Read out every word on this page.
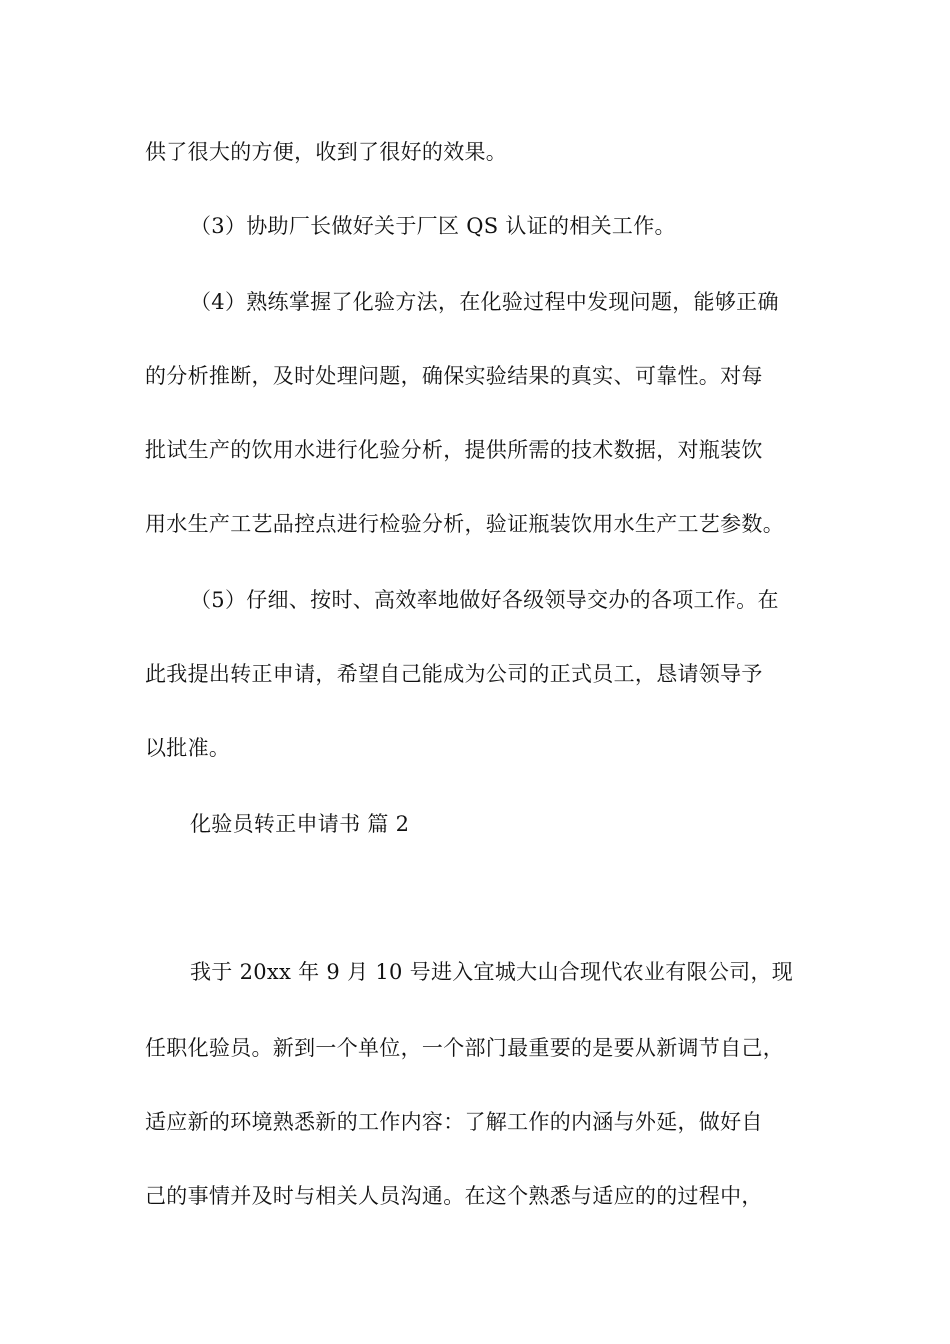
供了很大的方便，收到了很好的效果。
（3）协助厂长做好关于厂区 QS 认证的相关工作。
（4）熟练掌握了化验方法，在化验过程中发现问题，能够正确
的分析推断，及时处理问题，确保实验结果的真实、可靠性。对每
批试生产的饮用水进行化验分析，提供所需的技术数据，对瓶装饮
用水生产工艺品控点进行检验分析，验证瓶装饮用水生产工艺参数。
（5）仔细、按时、高效率地做好各级领导交办的各项工作。在
此我提出转正申请，希望自己能成为公司的正式员工，恳请领导予
以批准。
化验员转正申请书 篇 2
我于 20xx 年 9 月 10 号进入宜城大山合现代农业有限公司，现
任职化验员。新到一个单位，一个部门最重要的是要从新调节自己，
适应新的环境熟悉新的工作内容：了解工作的内涵与外延，做好自
己的事情并及时与相关人员沟通。在这个熟悉与适应的的过程中，
